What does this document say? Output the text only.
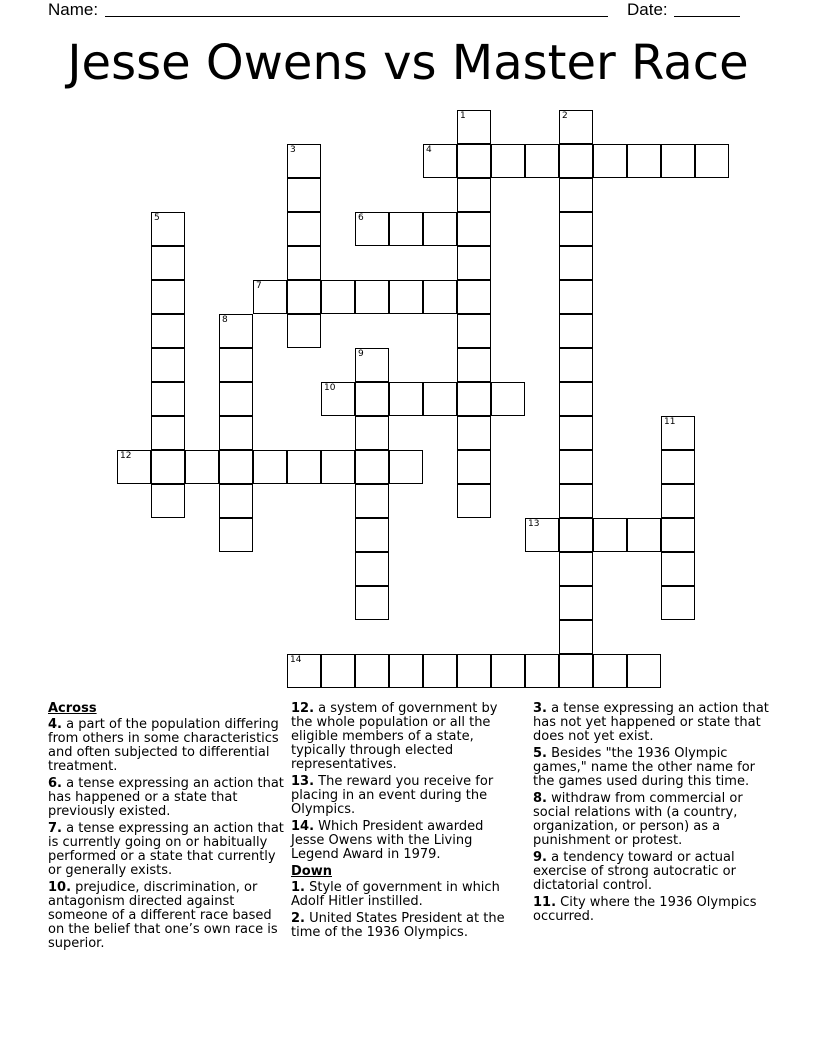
Name:	Date:
Jesse Owens vs Master Race
1	2
4
3
5	6
7
8
9
10
11
12
13
14
Across
4. a part of the population differing from others in some characteristics and often subjected to differential treatment.
6. a tense expressing an action that has happened or a state that previously existed.
7. a tense expressing an action that is currently going on or habitually performed or a state that currently or generally exists.
10. prejudice, discrimination, or antagonism directed against someone of a different race based on the belief that one’s own race is superior.
12. a system of government by the whole population or all the eligible members of a state, typically through elected representatives.
13. The reward you receive for placing in an event during the Olympics.
14. Which President awarded Jesse Owens with the Living Legend Award in 1979.
Down
1. Style of government in which Adolf Hitler instilled.
2. United States President at the time of the 1936 Olympics.
3. a tense expressing an action that has not yet happened or state that does not yet exist.
5. Besides "the 1936 Olympic games," name the other name for the games used during this time.
8. withdraw from commercial or social relations with (a country, organization, or person) as a punishment or protest.
9. a tendency toward or actual exercise of strong autocratic or dictatorial control.
11. City where the 1936 Olympics occurred.
